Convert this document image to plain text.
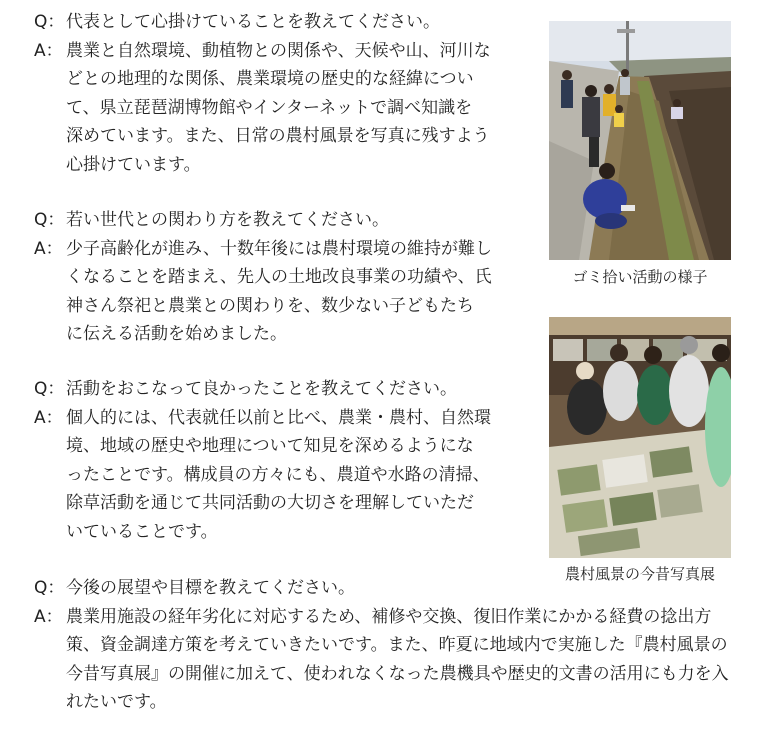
Q： 代表として心掛けていることを教えてください。
A： 農業と自然環境、動植物との関係や、天候や山、河川な
どとの地理的な関係、農業環境の歴史的な経緯につい
て、県立琵琶湖博物館やインターネットで調べ知識を
深めています。また、日常の農村風景を写真に残すよう
心掛けています。
Q： 若い世代との関わり方を教えてください。
A： 少子高齢化が進み、十数年後には農村環境の維持が難し
くなることを踏まえ、先人の土地改良事業の功績や、氏
神さん祭祀と農業との関わりを、数少ない子どもたち
に伝える活動を始めました。
Q： 活動をおこなって良かったことを教えてください。
A： 個人的には、代表就任以前と比べ、農業・農村、自然環
境、地域の歴史や地理について知見を深めるようにな
ったことです。構成員の方々にも、農道や水路の清掃、
除草活動を通じて共同活動の大切さを理解していただ
いていることです。
Q： 今後の展望や目標を教えてください。
A： 農業用施設の経年劣化に対応するため、補修や交換、復旧作業にかかる経費の捻出方
策、資金調達方策を考えていきたいです。また、昨夏に地域内で実施した『農村風景の
今昔写真展』の開催に加えて、使われなくなった農機具や歴史的文書の活用にも力を入
れたいです。
ゴミ拾い活動の様子
農村風景の今昔写真展
